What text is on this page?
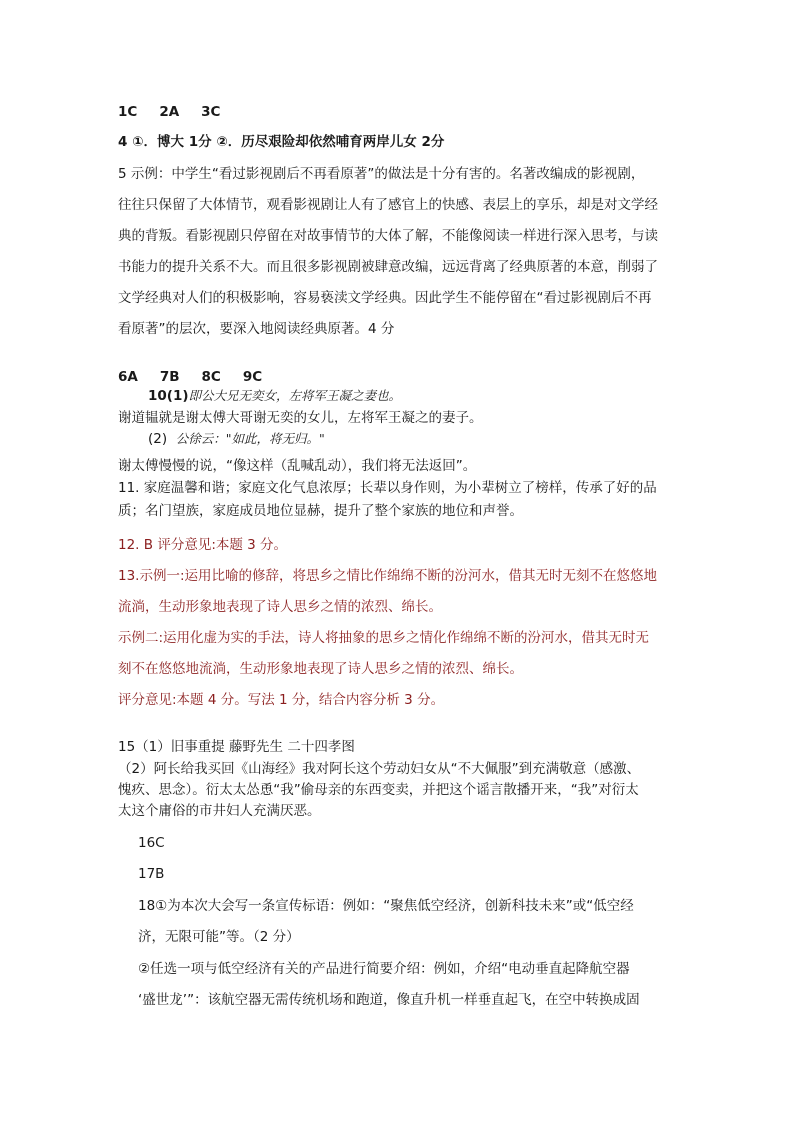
1C 2A 3C
4 ①．博大 1分 ②．历尽艰险却依然哺育两岸儿女 2分
5 示例：中学生“看过影视剧后不再看原著”的做法是十分有害的。名著改编成的影视剧，
往往只保留了大体情节，观看影视剧让人有了感官上的快感、表层上的享乐，却是对文学经
典的背叛。看影视剧只停留在对故事情节的大体了解，不能像阅读一样进行深入思考，与读
书能力的提升关系不大。而且很多影视剧被肆意改编，远远背离了经典原著的本意，削弱了
文学经典对人们的积极影响，容易亵渎文学经典。因此学生不能停留在“看过影视剧后不再
看原著”的层次，要深入地阅读经典原著。4 分
6A 7B 8C 9C
10(1)即公大兄无奕女，左将军王凝之妻也。
谢道韫就是谢太傅大哥谢无奕的女儿，左将军王凝之的妻子。
(2) 公徐云："如此，将无归。"
谢太傅慢慢的说，“像这样（乱喊乱动），我们将无法返回”。
11. 家庭温馨和谐；家庭文化气息浓厚；长辈以身作则，为小辈树立了榜样，传承了好的品
质；名门望族，家庭成员地位显赫，提升了整个家族的地位和声誉。
12. B 评分意见:本题 3 分。
13.示例一:运用比喻的修辞，将思乡之情比作绵绵不断的汾河水，借其无时无刻不在悠悠地
流淌，生动形象地表现了诗人思乡之情的浓烈、绵长。
示例二:运用化虚为实的手法，诗人将抽象的思乡之情化作绵绵不断的汾河水，借其无时无
刻不在悠悠地流淌，生动形象地表现了诗人思乡之情的浓烈、绵长。
评分意见:本题 4 分。写法 1 分，结合内容分析 3 分。
15（1）旧事重提 藤野先生 二十四孝图
（2）阿长给我买回《山海经》我对阿长这个劳动妇女从“不大佩服”到充满敬意（感激、
愧疚、思念）。衍太太怂恿“我”偷母亲的东西变卖，并把这个谣言散播开来，“我”对衍太
太这个庸俗的市井妇人充满厌恶。
16C
17B
18①为本次大会写一条宣传标语：例如：“聚焦低空经济，创新科技未来”或“低空经
济，无限可能”等。（2 分）
②任选一项与低空经济有关的产品进行简要介绍：例如，介绍“电动垂直起降航空器
‘盛世龙’”：该航空器无需传统机场和跑道，像直升机一样垂直起飞，在空中转换成固
